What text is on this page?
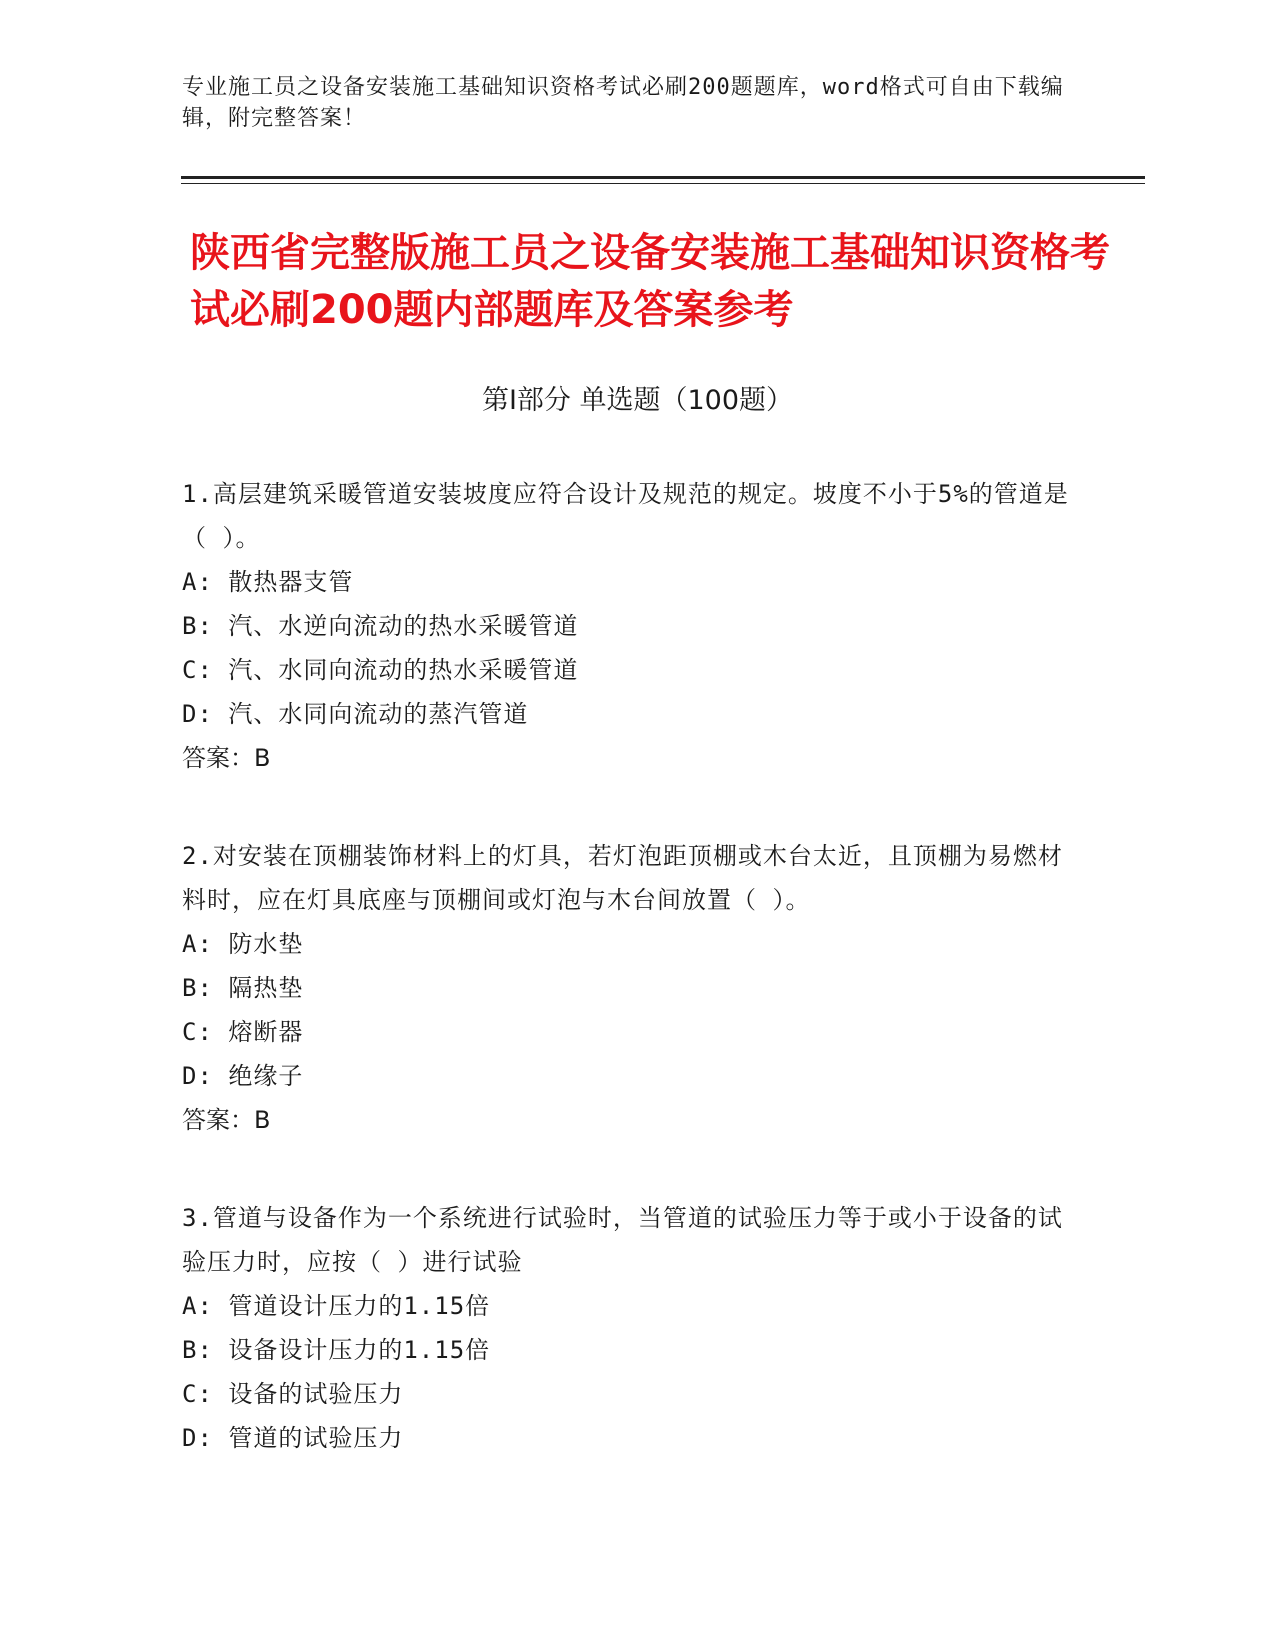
专业施工员之设备安装施工基础知识资格考试必刷200题题库，word格式可自由下载编辑，附完整答案！
陕西省完整版施工员之设备安装施工基础知识资格考试必刷200题内部题库及答案参考
第I部分 单选题（100题）
1.高层建筑采暖管道安装坡度应符合设计及规范的规定。坡度不小于5%的管道是（ ）。
A: 散热器支管
B: 汽、水逆向流动的热水采暖管道
C: 汽、水同向流动的热水采暖管道
D: 汽、水同向流动的蒸汽管道
答案：B
2.对安装在顶棚装饰材料上的灯具，若灯泡距顶棚或木台太近，且顶棚为易燃材料时，应在灯具底座与顶棚间或灯泡与木台间放置（ ）。
A: 防水垫
B: 隔热垫
C: 熔断器
D: 绝缘子
答案：B
3.管道与设备作为一个系统进行试验时，当管道的试验压力等于或小于设备的试验压力时，应按（ ）进行试验
A: 管道设计压力的1.15倍
B: 设备设计压力的1.15倍
C: 设备的试验压力
D: 管道的试验压力
